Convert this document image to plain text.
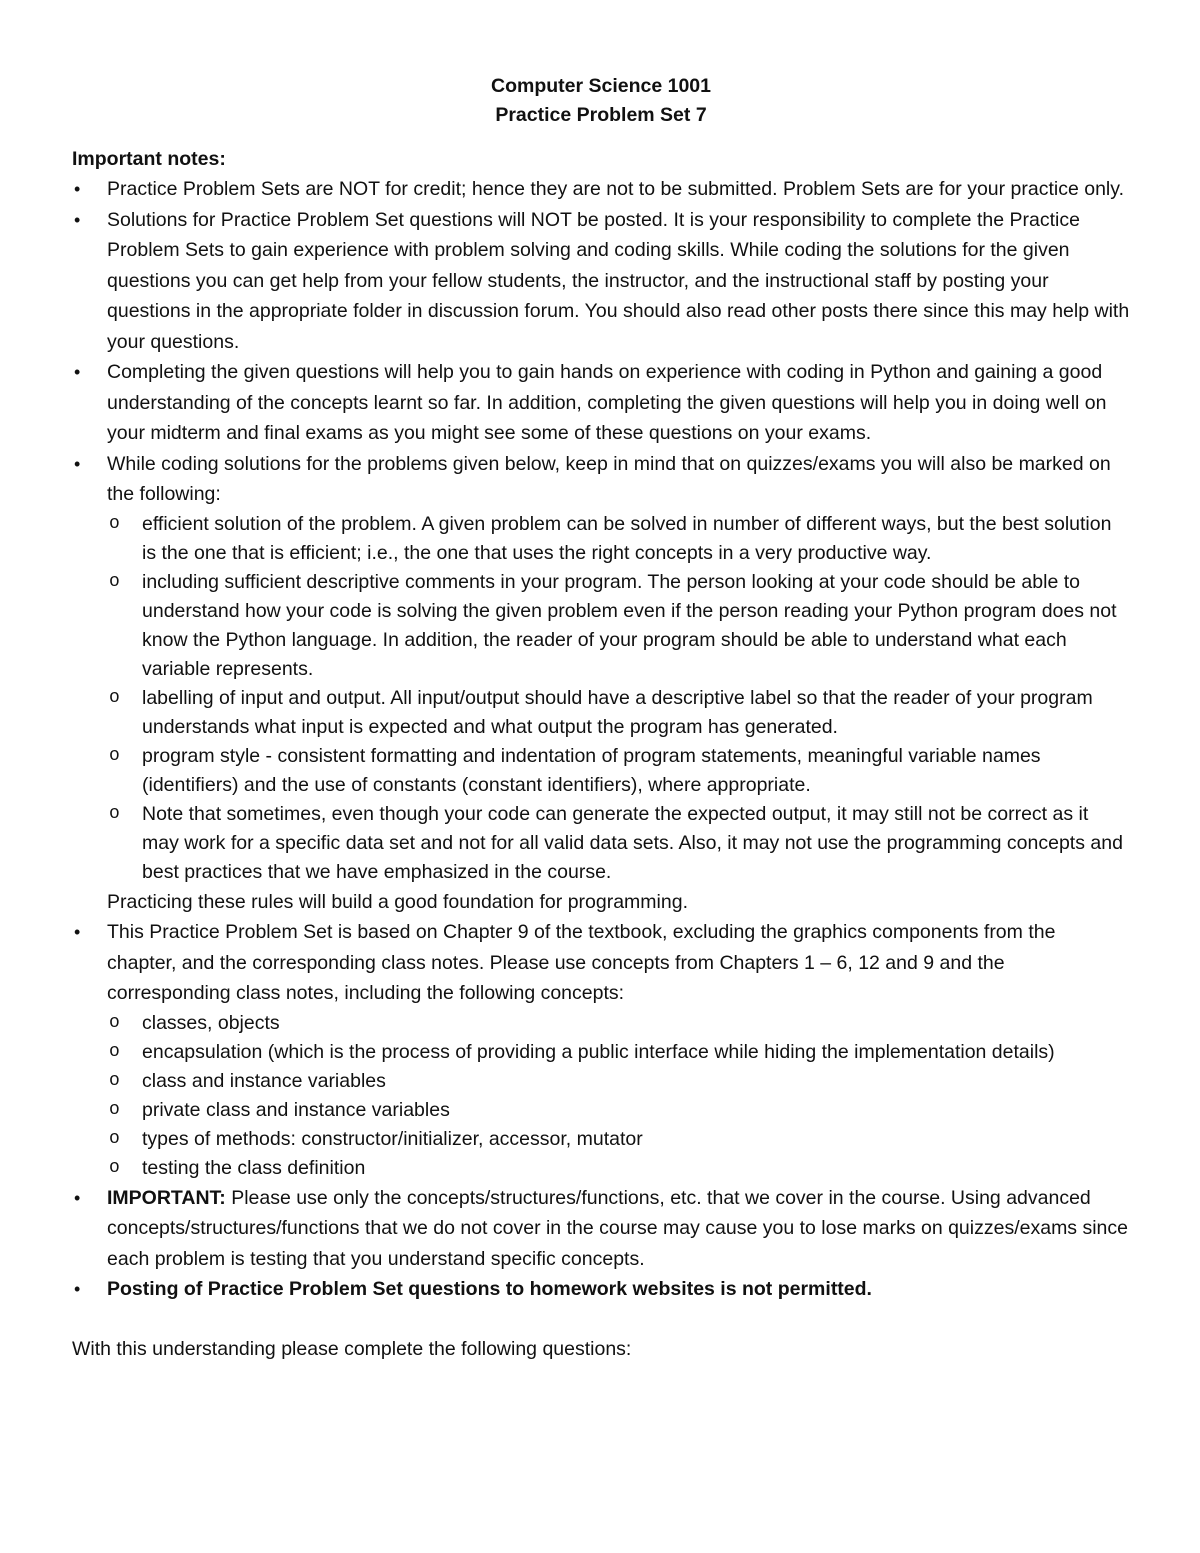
Computer Science 1001
Practice Problem Set 7
Important notes:
• Practice Problem Sets are NOT for credit; hence they are not to be submitted. Problem Sets are for your practice only.
• Solutions for Practice Problem Set questions will NOT be posted. It is your responsibility to complete the Practice Problem Sets to gain experience with problem solving and coding skills. While coding the solutions for the given questions you can get help from your fellow students, the instructor, and the instructional staff by posting your questions in the appropriate folder in discussion forum. You should also read other posts there since this may help with your questions.
• Completing the given questions will help you to gain hands on experience with coding in Python and gaining a good understanding of the concepts learnt so far. In addition, completing the given questions will help you in doing well on your midterm and final exams as you might see some of these questions on your exams.
• While coding solutions for the problems given below, keep in mind that on quizzes/exams you will also be marked on the following:
o efficient solution of the problem. A given problem can be solved in number of different ways, but the best solution is the one that is efficient; i.e., the one that uses the right concepts in a very productive way.
o including sufficient descriptive comments in your program. The person looking at your code should be able to understand how your code is solving the given problem even if the person reading your Python program does not know the Python language. In addition, the reader of your program should be able to understand what each variable represents.
o labelling of input and output. All input/output should have a descriptive label so that the reader of your program understands what input is expected and what output the program has generated.
o program style - consistent formatting and indentation of program statements, meaningful variable names (identifiers) and the use of constants (constant identifiers), where appropriate.
o Note that sometimes, even though your code can generate the expected output, it may still not be correct as it may work for a specific data set and not for all valid data sets. Also, it may not use the programming concepts and best practices that we have emphasized in the course.
Practicing these rules will build a good foundation for programming.
• This Practice Problem Set is based on Chapter 9 of the textbook, excluding the graphics components from the chapter, and the corresponding class notes. Please use concepts from Chapters 1 – 6, 12 and 9 and the corresponding class notes, including the following concepts:
o classes, objects
o encapsulation (which is the process of providing a public interface while hiding the implementation details)
o class and instance variables
o private class and instance variables
o types of methods: constructor/initializer, accessor, mutator
o testing the class definition
• IMPORTANT: Please use only the concepts/structures/functions, etc. that we cover in the course. Using advanced concepts/structures/functions that we do not cover in the course may cause you to lose marks on quizzes/exams since each problem is testing that you understand specific concepts.
• Posting of Practice Problem Set questions to homework websites is not permitted.
With this understanding please complete the following questions:
